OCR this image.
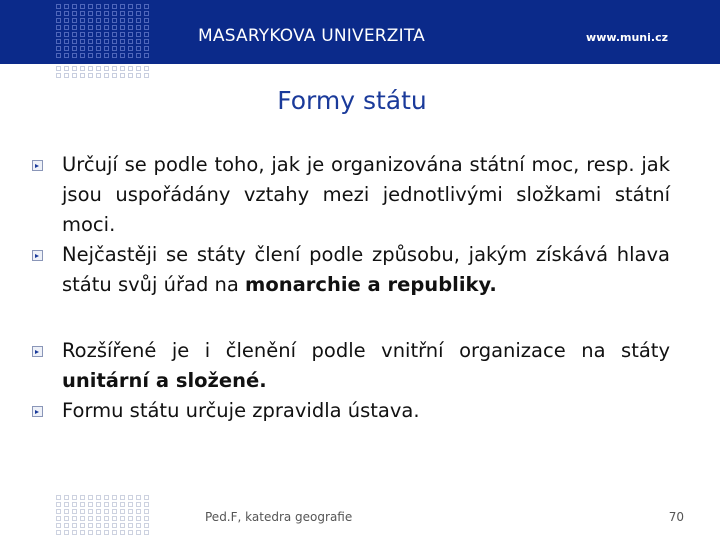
MASARYKOVA UNIVERZITA	www.muni.cz
Formy státu
Určují se podle toho, jak je organizována státní moc, resp. jak jsou uspořádány vztahy mezi jednotlivými složkami státní moci.
Nejčastěji se státy člení podle způsobu, jakým získává hlava státu svůj úřad na monarchie a republiky.
Rozšířené je i členění podle vnitřní organizace na státy unitární a složené.
Formu státu určuje zpravidla ústava.
Ped.F, katedra geografie	70
